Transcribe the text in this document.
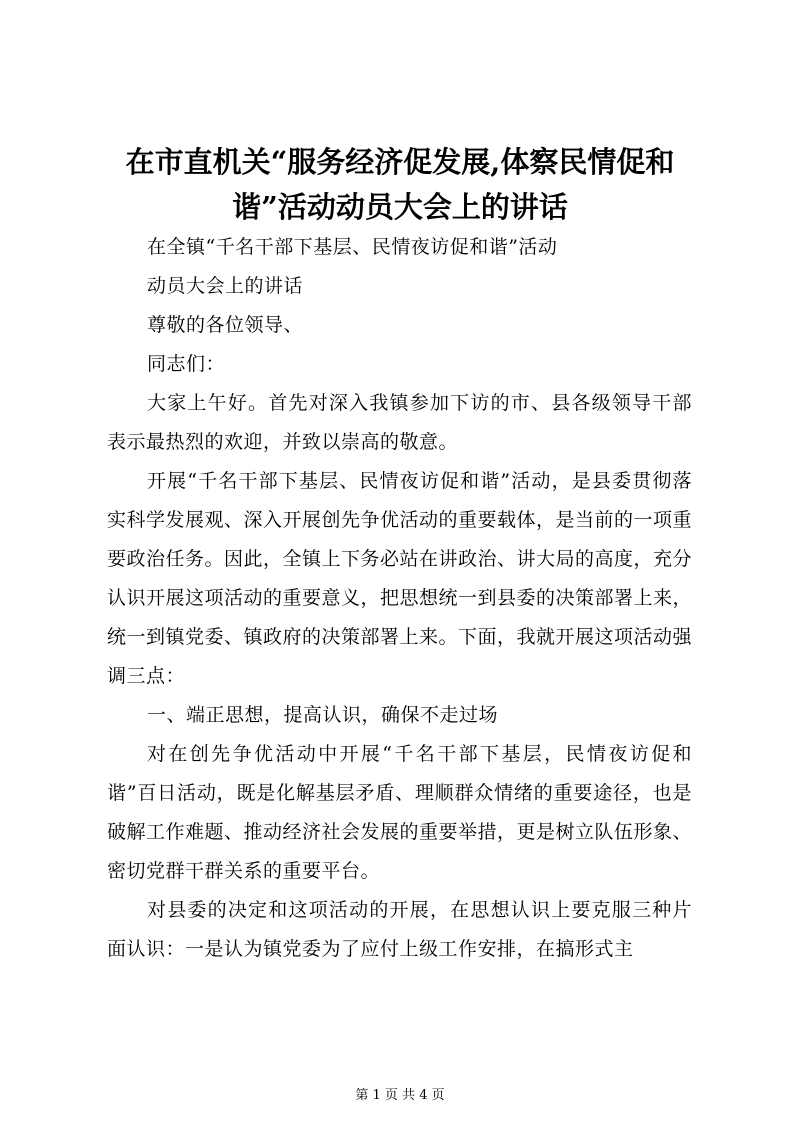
在市直机关“服务经济促发展,体察民情促和
谐”活动动员大会上的讲话

在全镇“千名干部下基层、民情夜访促和谐”活动

动员大会上的讲话

尊敬的各位领导、

同志们：

大家上午好。首先对深入我镇参加下访的市、县各级领导干部表示最热烈的欢迎，并致以崇高的敬意。

开展“千名干部下基层、民情夜访促和谐”活动，是县委贯彻落实科学发展观、深入开展创先争优活动的重要载体，是当前的一项重要政治任务。因此，全镇上下务必站在讲政治、讲大局的高度，充分认识开展这项活动的重要意义，把思想统一到县委的决策部署上来，统一到镇党委、镇政府的决策部署上来。下面，我就开展这项活动强调三点：

一、端正思想，提高认识，确保不走过场

对在创先争优活动中开展“千名干部下基层，民情夜访促和谐”百日活动，既是化解基层矛盾、理顺群众情绪的重要途径，也是破解工作难题、推动经济社会发展的重要举措，更是树立队伍形象、密切党群干群关系的重要平台。

对县委的决定和这项活动的开展，在思想认识上要克服三种片面认识：一是认为镇党委为了应付上级工作安排，在搞形式主

第 1 页 共 4 页
